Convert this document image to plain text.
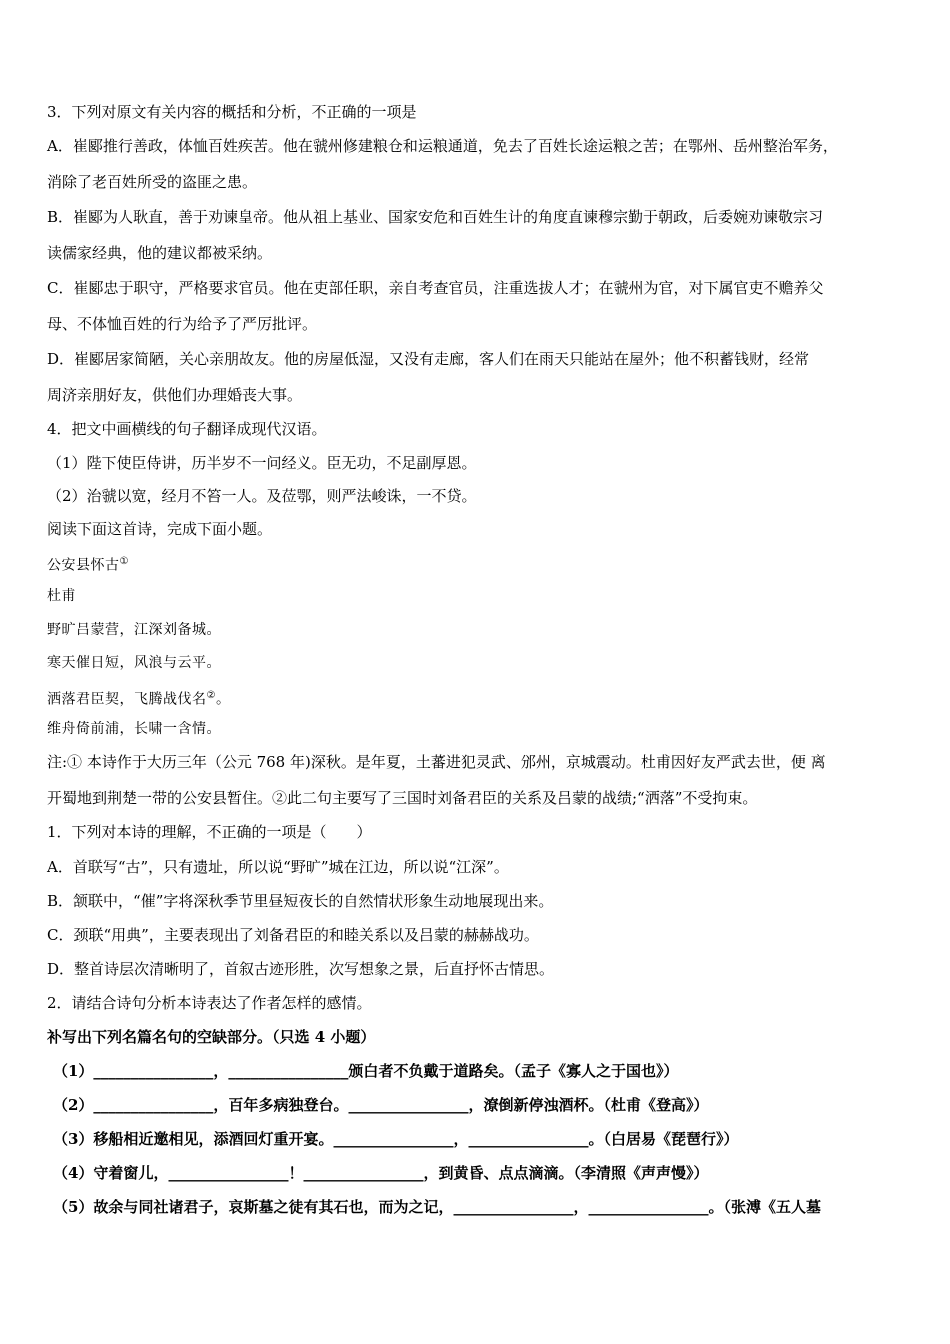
3．下列对原文有关内容的概括和分析，不正确的一项是
A．崔郾推行善政，体恤百姓疾苦。他在虢州修建粮仓和运粮通道，免去了百姓长途运粮之苦；在鄂州、岳州整治军务，
消除了老百姓所受的盗匪之患。
B．崔郾为人耿直，善于劝谏皇帝。他从祖上基业、国家安危和百姓生计的角度直谏穆宗勤于朝政，后委婉劝谏敬宗习
读儒家经典，他的建议都被采纳。
C．崔郾忠于职守，严格要求官员。他在吏部任职，亲自考查官员，注重选拔人才；在虢州为官，对下属官吏不赡养父
母、不体恤百姓的行为给予了严厉批评。
D．崔郾居家简陋，关心亲朋故友。他的房屋低湿，又没有走廊，客人们在雨天只能站在屋外；他不积蓄钱财，经常
周济亲朋好友，供他们办理婚丧大事。
4．把文中画横线的句子翻译成现代汉语。
（1）陛下使臣侍讲，历半岁不一问经义。臣无功，不足副厚恩。
（2）治虢以宽，经月不笞一人。及莅鄂，则严法峻诛，一不贷。
阅读下面这首诗，完成下面小题。
公安县怀古①
杜甫
野旷吕蒙营，江深刘备城。
寒天催日短，风浪与云平。
洒落君臣契，飞腾战伐名②。
维舟倚前浦，长啸一含情。
注:① 本诗作于大历三年（公元 768 年)深秋。是年夏，土蕃进犯灵武、邠州，京城震动。杜甫因好友严武去世，便 离
开蜀地到荆楚一带的公安县暂住。②此二句主要写了三国时刘备君臣的关系及吕蒙的战绩;“洒落”不受拘束。
1．下列对本诗的理解，不正确的一项是（　　）
A．首联写“古”，只有遗址，所以说“野旷”城在江边，所以说“江深”。
B．颔联中，“催”字将深秋季节里昼短夜长的自然情状形象生动地展现出来。
C．颈联“用典”，主要表现出了刘备君臣的和睦关系以及吕蒙的赫赫战功。
D．整首诗层次清晰明了，首叙古迹形胜，次写想象之景，后直抒怀古情思。
2．请结合诗句分析本诗表达了作者怎样的感情。
补写出下列名篇名句的空缺部分。（只选 4 小题）
（1）________________，________________颁白者不负戴于道路矣。（孟子《寡人之于国也》）
（2）________________，百年多病独登台。________________，潦倒新停浊酒杯。（杜甫《登高》）
（3）移船相近邀相见，添酒回灯重开宴。________________，________________。（白居易《琵琶行》）
（4）守着窗儿，________________！________________，到黄昏、点点滴滴。（李清照《声声慢》）
（5）故余与同社诸君子，哀斯墓之徒有其石也，而为之记，________________，________________。（张溥《五人墓
